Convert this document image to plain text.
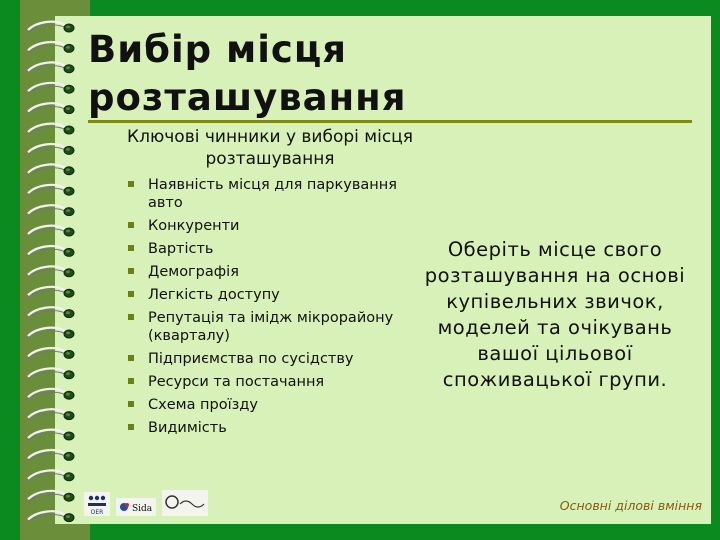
Вибір місця розташування
Ключові чинники у виборі місця розташування
Наявність місця для паркування авто
Конкуренти
Вартість
Демографія
Легкість доступу
Репутація та імідж мікрорайону (кварталу)
Підприємства по сусідству
Ресурси та постачання
Схема проїзду
Видимість
Оберіть місце свого розташування на основі купівельних звичок, моделей та очікувань вашої цільової споживацької групи.
OER	Sida	Основні ділові вміння
